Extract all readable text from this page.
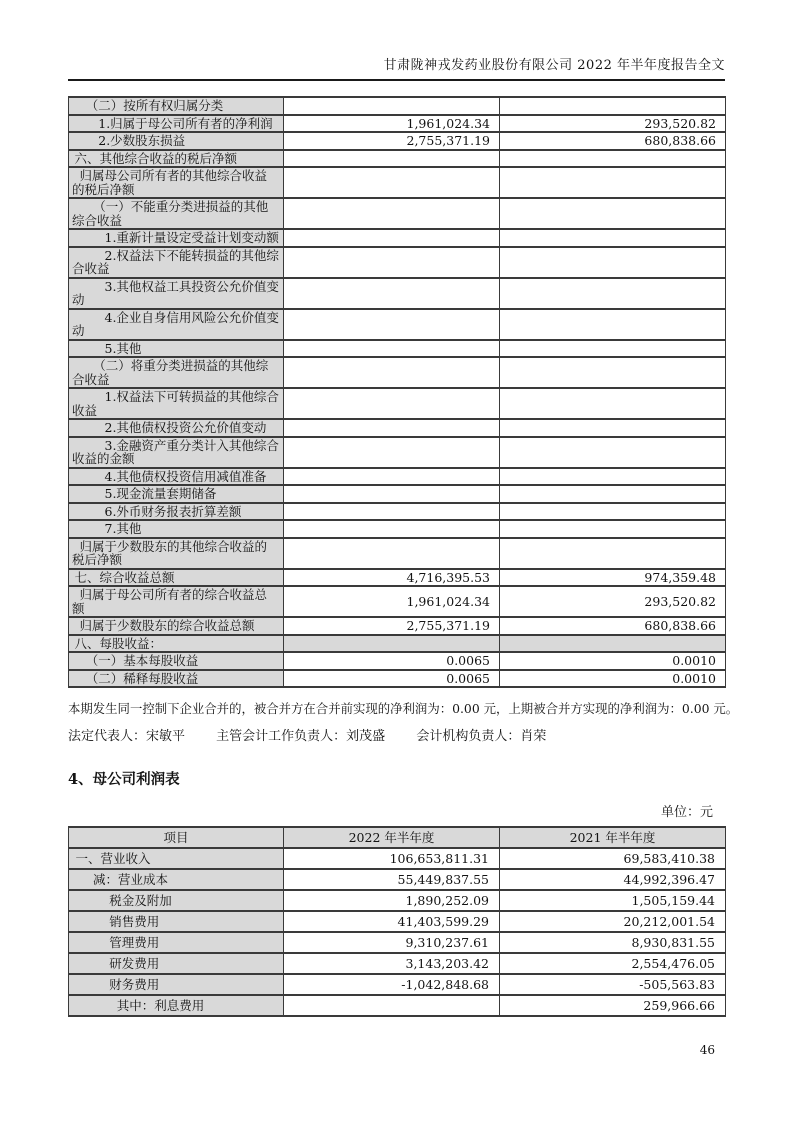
甘肃陇神戎发药业股份有限公司 2022 年半年度报告全文
（二）按所有权归属分类		
1.归属于母公司所有者的净利润	1,961,024.34	293,520.82
2.少数股东损益	2,755,371.19	680,838.66
六、其他综合收益的税后净额		
归属母公司所有者的其他综合收益的税后净额		
（一）不能重分类进损益的其他综合收益		
1.重新计量设定受益计划变动额		
2.权益法下不能转损益的其他综合收益		
3.其他权益工具投资公允价值变动		
4.企业自身信用风险公允价值变动		
5.其他		
（二）将重分类进损益的其他综合收益		
1.权益法下可转损益的其他综合收益		
2.其他债权投资公允价值变动		
3.金融资产重分类计入其他综合收益的金额		
4.其他债权投资信用减值准备		
5.现金流量套期储备		
6.外币财务报表折算差额		
7.其他		
归属于少数股东的其他综合收益的税后净额		
七、综合收益总额	4,716,395.53	974,359.48
归属于母公司所有者的综合收益总额	1,961,024.34	293,520.82
归属于少数股东的综合收益总额	2,755,371.19	680,838.66
八、每股收益：		
（一）基本每股收益	0.0065	0.0010
（二）稀释每股收益	0.0065	0.0010

本期发生同一控制下企业合并的，被合并方在合并前实现的净利润为：0.00 元，上期被合并方实现的净利润为：0.00 元。

法定代表人：宋敏平 主管会计工作负责人：刘茂盛 会计机构负责人：肖荣

4、母公司利润表
单位：元
项目	2022 年半年度	2021 年半年度
一、营业收入	106,653,811.31	69,583,410.38
减：营业成本	55,449,837.55	44,992,396.47
税金及附加	1,890,252.09	1,505,159.44
销售费用	41,403,599.29	20,212,001.54
管理费用	9,310,237.61	8,930,831.55
研发费用	3,143,203.42	2,554,476.05
财务费用	-1,042,848.68	-505,563.83
其中：利息费用		259,966.66
46
